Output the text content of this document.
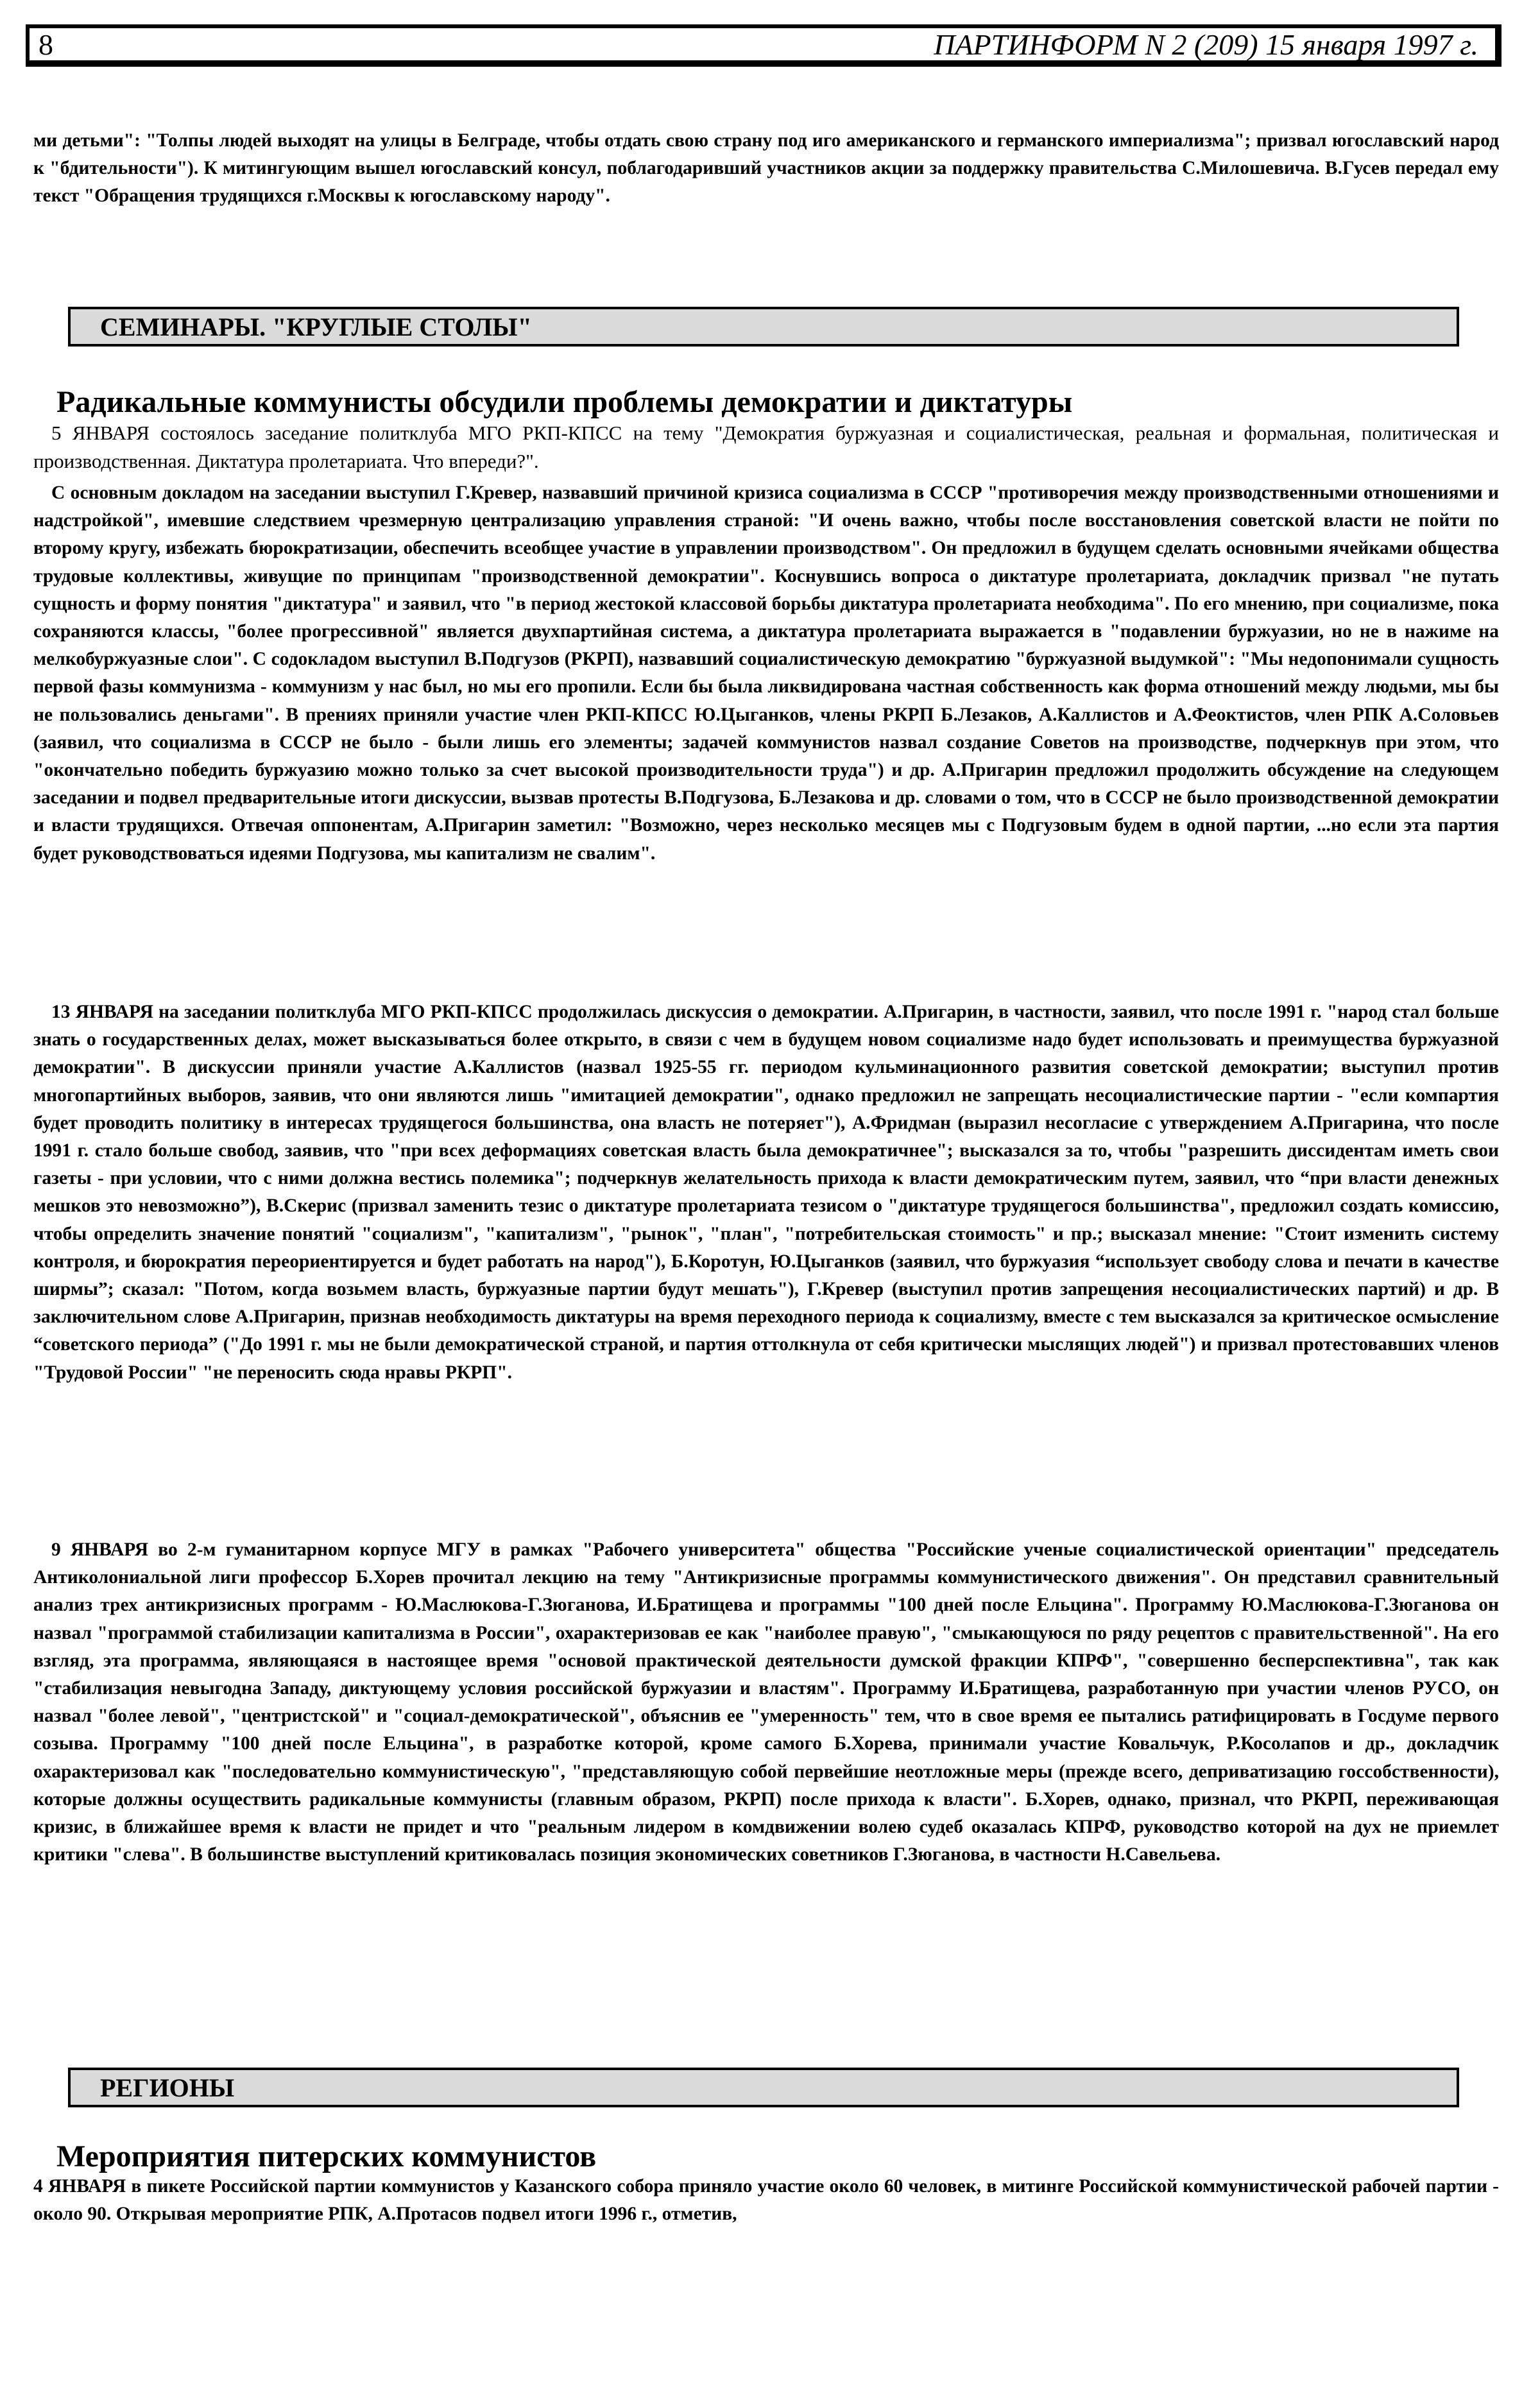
8	ПАРТИНФОРМ N 2 (209) 15 января 1997 г.

ми детьми": "Толпы людей выходят на улицы в Белграде, чтобы отдать свою страну под иго американского и германского империализма"; призвал югославский народ к "бдительности"). К митингующим вышел югославский консул, поблагодаривший участников акции за поддержку правительства С.Милошевича. В.Гусев передал ему текст "Обращения трудящихся г.Москвы к югославскому народу".

СЕМИНАРЫ. "КРУГЛЫЕ СТОЛЫ"
Радикальные коммунисты обсудили проблемы демократии и диктатуры

5 ЯНВАРЯ состоялось заседание политклуба МГО РКП-КПСС на тему "Демократия буржуазная и социалистическая, реальная и формальная, политическая и производственная. Диктатура пролетариата. Что впереди?".

С основным докладом на заседании выступил Г.Кревер, назвавший причиной кризиса социализма в СССР "противоречия между производственными отношениями и надстройкой", имевшие следствием чрезмерную централизацию управления страной: "И очень важно, чтобы после восстановления советской власти не пойти по второму кругу, избежать бюрократизации, обеспечить всеобщее участие в управлении производством". Он предложил в будущем сделать основными ячейками общества трудовые коллективы, живущие по принципам "производственной демократии". Коснувшись вопроса о диктатуре пролетариата, докладчик призвал "не путать сущность и форму понятия "диктатура" и заявил, что "в период жестокой классовой борьбы диктатура пролетариата необходима". По его мнению, при социализме, пока сохраняются классы, "более прогрессивной" является двухпартийная система, а диктатура пролетариата выражается в "подавлении буржуазии, но не в нажиме на мелкобуржуазные слои". С содокладом выступил В.Подгузов (РКРП), назвавший социалистическую демократию "буржуазной выдумкой": "Мы недопонимали сущность первой фазы коммунизма - коммунизм у нас был, но мы его пропили. Если бы была ликвидирована частная собственность как форма отношений между людьми, мы бы не пользовались деньгами". В прениях приняли участие член РКП-КПСС Ю.Цыганков, члены РКРП Б.Лезаков, А.Каллистов и А.Феоктистов, член РПК А.Соловьев (заявил, что социализма в СССР не было - были лишь его элементы; задачей коммунистов назвал создание Советов на производстве, подчеркнув при этом, что "окончательно победить буржуазию можно только за счет высокой производительности труда") и др. А.Пригарин предложил продолжить обсуждение на следующем заседании и подвел предварительные итоги дискуссии, вызвав протесты В.Подгузова, Б.Лезакова и др. словами о том, что в СССР не было производственной демократии и власти трудящихся. Отвечая оппонентам, А.Пригарин заметил: "Возможно, через несколько месяцев мы с Подгузовым будем в одной партии, ...но если эта партия будет руководствоваться идеями Подгузова, мы капитализм не свалим".

13 ЯНВАРЯ на заседании политклуба МГО РКП-КПСС продолжилась дискуссия о демократии. А.Пригарин, в частности, заявил, что после 1991 г. "народ стал больше знать о государственных делах, может высказываться более открыто, в связи с чем в будущем новом социализме надо будет использовать и преимущества буржуазной демократии". В дискуссии приняли участие А.Каллистов (назвал 1925-55 гг. периодом кульминационного развития советской демократии; выступил против многопартийных выборов, заявив, что они являются лишь "имитацией демократии", однако предложил не запрещать несоциалистические партии - "если компартия будет проводить политику в интересах трудящегося большинства, она власть не потеряет"), А.Фридман (выразил несогласие с утверждением А.Пригарина, что после 1991 г. стало больше свобод, заявив, что "при всех деформациях советская власть была демократичнее"; высказался за то, чтобы "разрешить диссидентам иметь свои газеты - при условии, что с ними должна вестись полемика"; подчеркнув желательность прихода к власти демократическим путем, заявил, что “при власти денежных мешков это невозможно”), В.Скерис (призвал заменить тезис о диктатуре пролетариата тезисом о "диктатуре трудящегося большинства", предложил создать комиссию, чтобы определить значение понятий "социализм", "капитализм", "рынок", "план", "потребительская стоимость" и пр.; высказал мнение: "Стоит изменить систему контроля, и бюрократия переориентируется и будет работать на народ"), Б.Коротун, Ю.Цыганков (заявил, что буржуазия “использует свободу слова и печати в качестве ширмы”; сказал: "Потом, когда возьмем власть, буржуазные партии будут мешать"), Г.Кревер (выступил против запрещения несоциалистических партий) и др. В заключительном слове А.Пригарин, признав необходимость диктатуры на время переходного периода к социализму, вместе с тем высказался за критическое осмысление “советского периода” ("До 1991 г. мы не были демократической страной, и партия оттолкнула от себя критически мыслящих людей") и призвал протестовавших членов "Трудовой России" "не переносить сюда нравы РКРП".

9 ЯНВАРЯ во 2-м гуманитарном корпусе МГУ в рамках "Рабочего университета" общества "Российские ученые социалистической ориентации" председатель Антиколониальной лиги профессор Б.Хорев прочитал лекцию на тему "Антикризисные программы коммунистического движения". Он представил сравнительный анализ трех антикризисных программ - Ю.Маслюкова-Г.Зюганова, И.Братищева и программы "100 дней после Ельцина". Программу Ю.Маслюкова-Г.Зюганова он назвал "программой стабилизации капитализма в России", охарактеризовав ее как "наиболее правую", "смыкающуюся по ряду рецептов с правительственной". На его взгляд, эта программа, являющаяся в настоящее время "основой практической деятельности думской фракции КПРФ", "совершенно бесперспективна", так как "стабилизация невыгодна Западу, диктующему условия российской буржуазии и властям". Программу И.Братищева, разработанную при участии членов РУСО, он назвал "более левой", "центристской" и "социал-демократической", объяснив ее "умеренность" тем, что в свое время ее пытались ратифицировать в Госдуме первого созыва. Программу "100 дней после Ельцина", в разработке которой, кроме самого Б.Хорева, принимали участие Ковальчук, Р.Косолапов и др., докладчик охарактеризовал как "последовательно коммунистическую", "представляющую собой первейшие неотложные меры (прежде всего, деприватизацию госсобственности), которые должны осуществить радикальные коммунисты (главным образом, РКРП) после прихода к власти". Б.Хорев, однако, признал, что РКРП, переживающая кризис, в ближайшее время к власти не придет и что "реальным лидером в комдвижении волею судеб оказалась КПРФ, руководство которой на дух не приемлет критики "слева". В большинстве выступлений критиковалась позиция экономических советников Г.Зюганова, в частности Н.Савельева.

РЕГИОНЫ
Мероприятия питерских коммунистов

4 ЯНВАРЯ в пикете Российской партии коммунистов у Казанского собора приняло участие около 60 человек, в митинге Российской коммунистической рабочей партии - около 90. Открывая мероприятие РПК, А.Протасов подвел итоги 1996 г., отметив,
